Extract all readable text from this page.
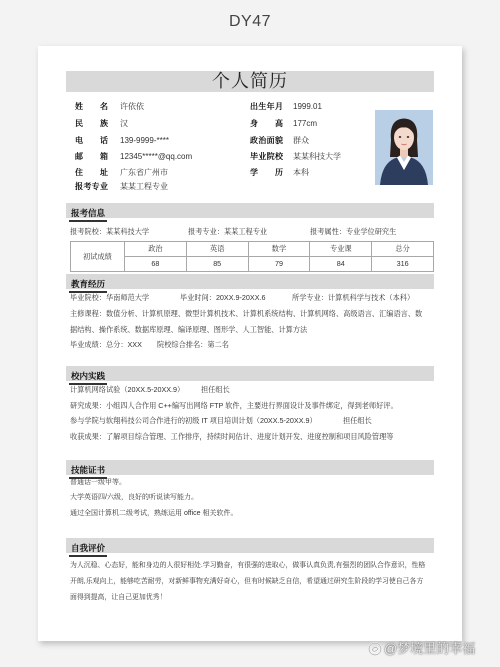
DY47
个人简历
姓 名 许依依
民 族 汉
电 话 139-9999-****
邮 箱 12345*****@qq.com
住 址 广东省广州市
报考专业 某某工程专业
出生年月 1999.01
身 高 177cm
政治面貌 群众
毕业院校 某某科技大学
学 历 本科
报考信息
报考院校：某某科技大学	报考专业：某某工程专业	报考属性：专业学位研究生
初试成绩	政治	英语	数学	专业课	总分
	68	85	79	84	316
教育经历
毕业院校：华南师范大学	毕业时间：20XX.9-20XX.6	所学专业：计算机科学与技术（本科）
主修课程：数值分析、计算机原理、微型计算机技术、计算机系统结构、计算机网络、高级语言、汇编语言、数
据结构、操作系统、数据库原理、编译原理、图形学、人工智能、计算方法
毕业成绩：总分：XXX 院校综合排名：第二名
校内实践
计算机网络试验（20XX.5-20XX.9） 担任组长
研究成果：小组四人合作用 C++编写出网络 FTP 软件，主要进行界面设计及事件绑定，得到老师好评。
参与学院与软翔科技公司合作进行的初级 IT 项目培训计划（20XX.5-20XX.9）	担任组长
收获成果：了解项目综合管理、工作排序，持续时间估计、进度计划开发、进度控制和项目风险管理等
技能证书
普通话一级甲等。
大学英语四/六级，良好的听说读写能力。
通过全国计算机二级考试，熟练运用 office 相关软件。
自我评价
为人沉稳、心态好，能和身边的人很好相处.学习勤奋，有很强的进取心，做事认真负责,有强烈的团队合作意识，性格
开朗,乐观向上，能够吃苦耐劳，对新鲜事物充满好奇心，但有时候缺乏自信，希望通过研究生阶段的学习使自己各方
面得到提高，让自己更加优秀！
@梦境里的幸福
